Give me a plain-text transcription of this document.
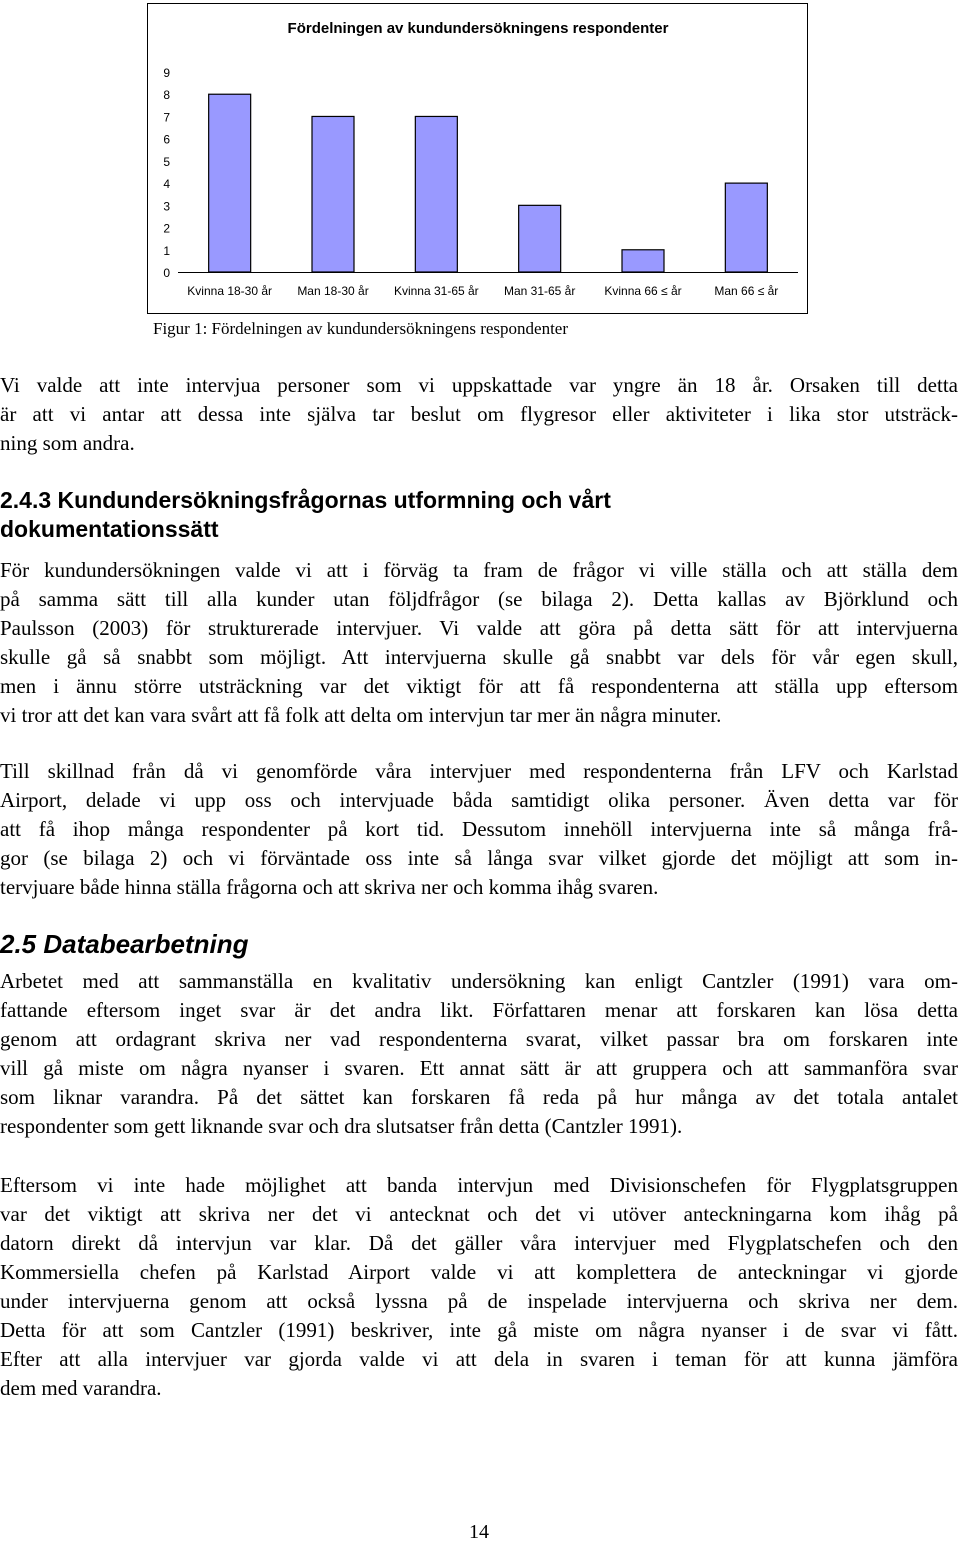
Fördelningen av kundundersökningens respondenter
0
1
2
3
4
5
6
7
8
9
Kvinna 18-30 år Man 18-30 år Kvinna 31-65 år Man 31-65 år Kvinna 66 ≤ år	Man 66 ≤ år
Figur 1: Fördelningen av kundundersökningens respondenter
Vi valde att inte intervjua personer som vi uppskattade var yngre än 18 år. Orsaken till detta
är att vi antar att dessa inte själva tar beslut om flygresor eller aktiviteter i lika stor utsträck-
ning som andra.
2.4.3 Kundundersökningsfrågornas utformning och vårt
dokumentationssätt
För kundundersökningen valde vi att i förväg ta fram de frågor vi ville ställa och att ställa dem
på samma sätt till alla kunder utan följdfrågor (se bilaga 2). Detta kallas av Björklund och
Paulsson (2003) för strukturerade intervjuer. Vi valde att göra på detta sätt för att intervjuerna
skulle gå så snabbt som möjligt. Att intervjuerna skulle gå snabbt var dels för vår egen skull,
men i ännu större utsträckning var det viktigt för att få respondenterna att ställa upp eftersom
vi tror att det kan vara svårt att få folk att delta om intervjun tar mer än några minuter.
Till skillnad från då vi genomförde våra intervjuer med respondenterna från LFV och Karlstad
Airport, delade vi upp oss och intervjuade båda samtidigt olika personer. Även detta var för
att få ihop många respondenter på kort tid. Dessutom innehöll intervjuerna inte så många frå-
gor (se bilaga 2) och vi förväntade oss inte så långa svar vilket gjorde det möjligt att som in-
tervjuare både hinna ställa frågorna och att skriva ner och komma ihåg svaren.
2.5 Databearbetning
Arbetet med att sammanställa en kvalitativ undersökning kan enligt Cantzler (1991) vara om-
fattande eftersom inget svar är det andra likt. Författaren menar att forskaren kan lösa detta
genom att ordagrant skriva ner vad respondenterna svarat, vilket passar bra om forskaren inte
vill gå miste om några nyanser i svaren. Ett annat sätt är att gruppera och att sammanföra svar
som liknar varandra. På det sättet kan forskaren få reda på hur många av det totala antalet
respondenter som gett liknande svar och dra slutsatser från detta (Cantzler 1991).
Eftersom vi inte hade möjlighet att banda intervjun med Divisionschefen för Flygplatsgruppen
var det viktigt att skriva ner det vi antecknat och det vi utöver anteckningarna kom ihåg på
datorn direkt då intervjun var klar. Då det gäller våra intervjuer med Flygplatschefen och den
Kommersiella chefen på Karlstad Airport valde vi att komplettera de anteckningar vi gjorde
under intervjuerna genom att också lyssna på de inspelade intervjuerna och skriva ner dem.
Detta för att som Cantzler (1991) beskriver, inte gå miste om några nyanser i de svar vi fått.
Efter att alla intervjuer var gjorda valde vi att dela in svaren i teman för att kunna jämföra
dem med varandra.
14
